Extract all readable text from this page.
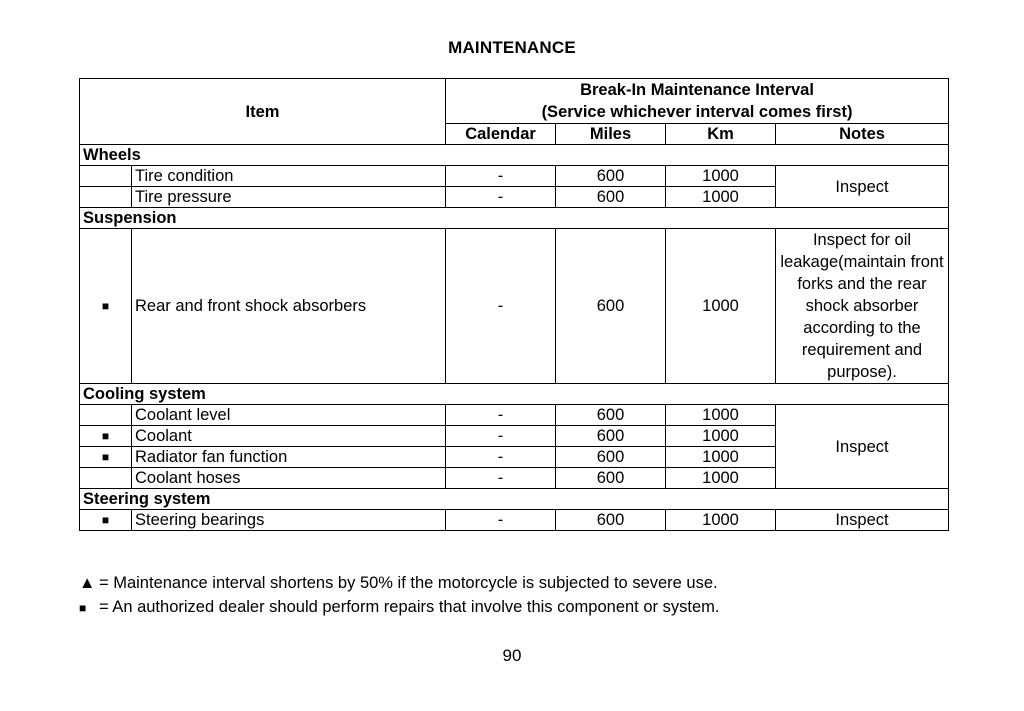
MAINTENANCE
Item		Break-In Maintenance Interval
(Service whichever interval comes first)			

		Calendar	Miles	Km	Notes
Wheels					
	Tire condition	-	600	1000	Inspect
	Tire pressure	-	600	1000	
Suspension					
■	Rear and front shock absorbers	-	600	1000	Inspect for oil leakage(maintain front forks and the rear shock absorber according to the requirement and purpose).
Cooling system					
	Coolant level	-	600	1000	Inspect
■	Coolant	-	600	1000	
■	Radiator fan function	-	600	1000	
	Coolant hoses	-	600	1000	
Steering system					
■	Steering bearings	-	600	1000	Inspect
▲ = Maintenance interval shortens by 50% if the motorcycle is subjected to severe use.
■ = An authorized dealer should perform repairs that involve this component or system.
90
